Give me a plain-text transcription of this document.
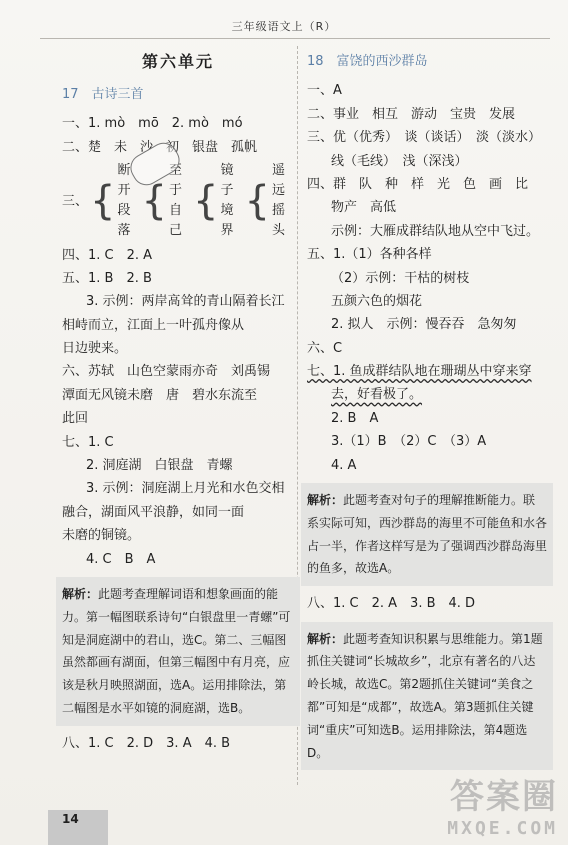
三年级语文上（R）
第六单元
17　古诗三首
一、1. mò　mō　2. mò　mó
二、楚　未　沙　初　银盘　孤帆
三、 {
断开
段落
{
至于
自己
{
镜子
境界
{
遥远
摇头
四、1. C　2. A
五、1. B　2. B
3. 示例：两岸高耸的青山隔着长江
相峙而立，江面上一叶孤舟像从
日边驶来。
六、苏轼　山色空蒙雨亦奇　刘禹锡
潭面无风镜未磨　唐　碧水东流至
此回
七、1. C
2. 洞庭湖　白银盘　青螺
3. 示例：洞庭湖上月光和水色交相
融合，湖面风平浪静，如同一面
未磨的铜镜。
4. C　B　A
解析：此题考查理解词语和想象画面的能力。第一幅图联系诗句“白银盘里一青螺”可知是洞庭湖中的君山，选C。第二、三幅图虽然都画有湖面，但第三幅图中有月亮，应该是秋月映照湖面，选A。运用排除法，第二幅图是水平如镜的洞庭湖，选B。
八、1. C　2. D　3. A　4. B
18　富饶的西沙群岛
一、A
二、事业　相互　游动　宝贵　发展
三、优（优秀）　谈（谈话）　淡（淡水）
线（毛线）　浅（深浅）
四、群　队　种　样　光　色　画　比
物产　高低
示例：大雁成群结队地从空中飞过。
五、1.（1）各种各样
（2）示例：干枯的树枝
五颜六色的烟花
2. 拟人　示例：慢吞吞　急匆匆
六、C
七、1. 鱼成群结队地在珊瑚丛中穿来穿
去，好看极了。
2. B　A
3.（1）B　（2）C　（3）A
4. A
解析：此题考查对句子的理解推断能力。联系实际可知，西沙群岛的海里不可能鱼和水各占一半，作者这样写是为了强调西沙群岛海里的鱼多，故选A。
八、1. C　2. A　3. B　4. D
解析：此题考查知识积累与思维能力。第1题抓住关键词“长城故乡”，北京有著名的八达岭长城，故选C。第2题抓住关键词“美食之都”可知是“成都”，故选A。第3题抓住关键词“重庆”可知选B。运用排除法，第4题选D。
14
答案圈
MXQE.COM
